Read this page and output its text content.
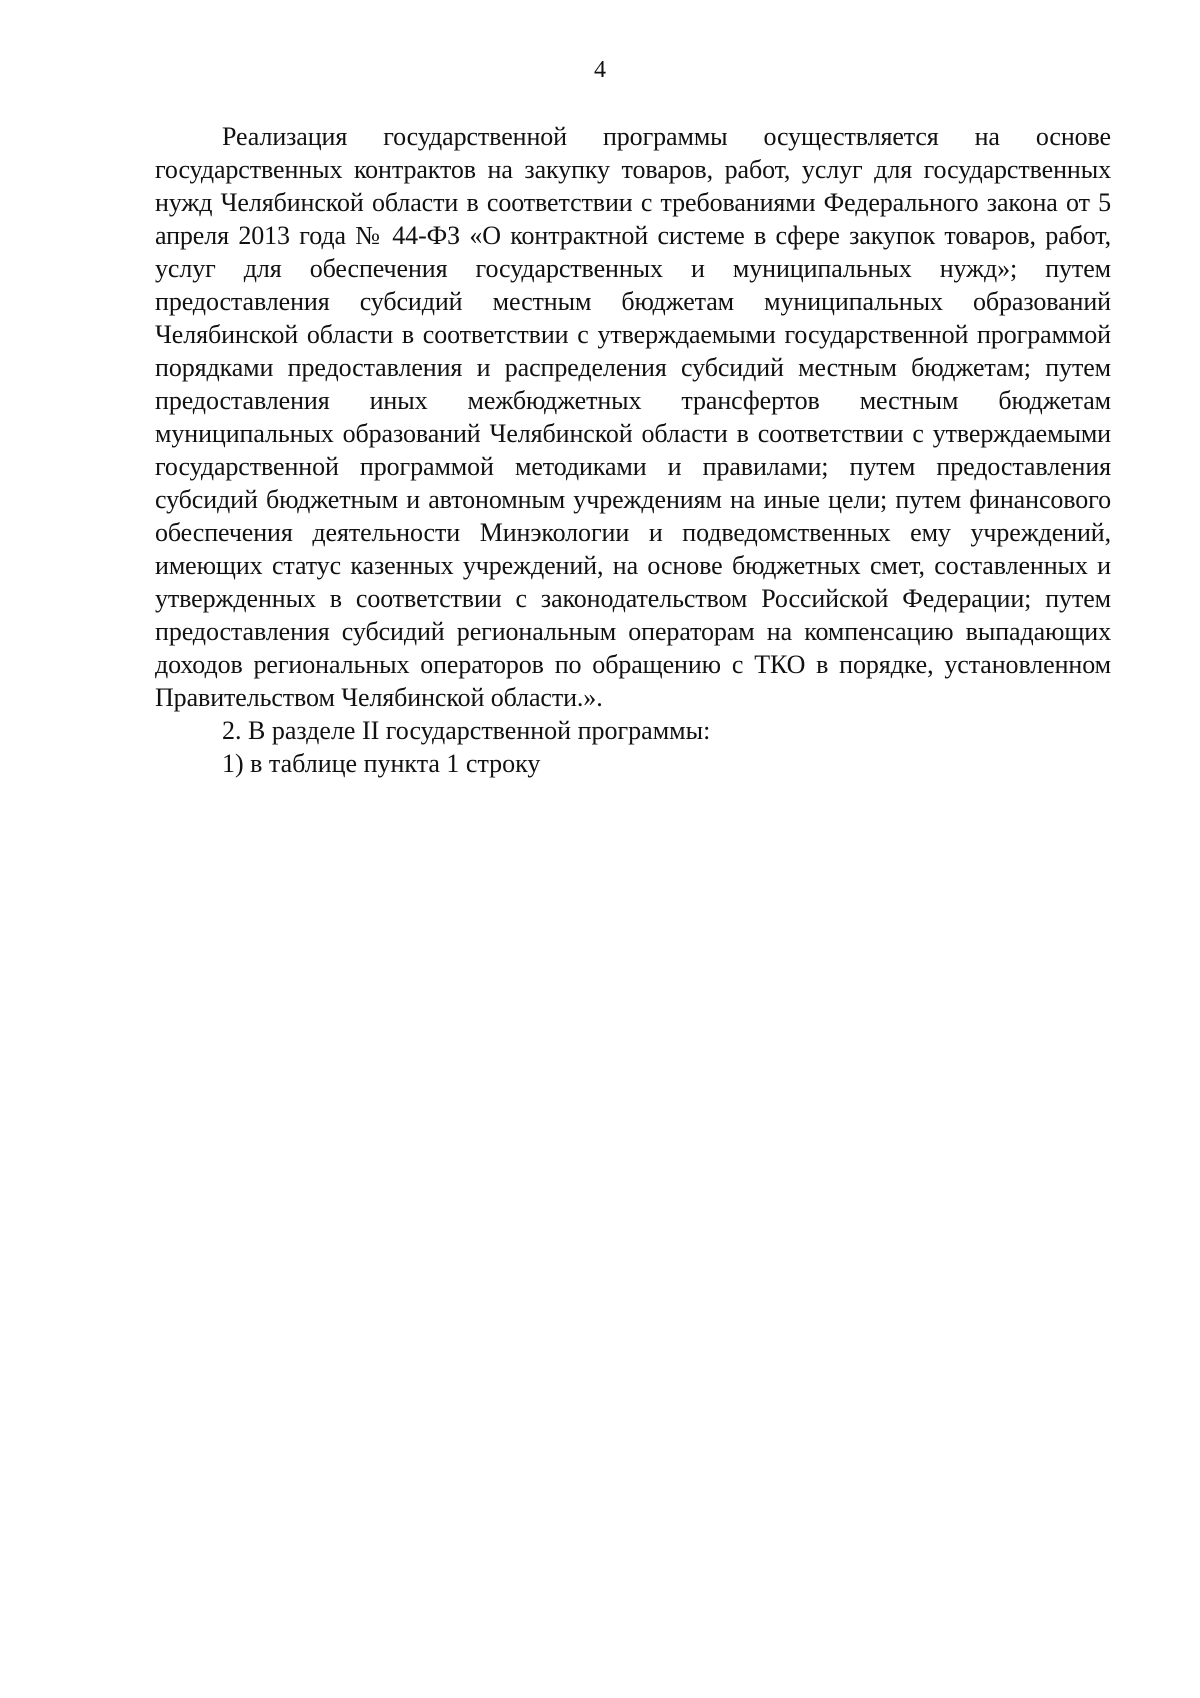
4

Реализация государственной программы осуществляется на основе государственных контрактов на закупку товаров, работ, услуг для государственных нужд Челябинской области в соответствии с требованиями Федерального закона от 5 апреля 2013 года № 44-ФЗ «О контрактной системе в сфере закупок товаров, работ, услуг для обеспечения государственных и муниципальных нужд»; путем предоставления субсидий местным бюджетам муниципальных образований Челябинской области в соответствии с утверждаемыми государственной программой порядками предоставления и распределения субсидий местным бюджетам; путем предоставления иных межбюджетных трансфертов местным бюджетам муниципальных образований Челябинской области в соответствии с утверждаемыми государственной программой методиками и правилами; путем предоставления субсидий бюджетным и автономным учреждениям на иные цели; путем финансового обеспечения деятельности Минэкологии и подведомственных ему учреждений, имеющих статус казенных учреждений, на основе бюджетных смет, составленных и утвержденных в соответствии с законодательством Российской Федерации; путем предоставления субсидий региональным операторам на компенсацию выпадающих доходов региональных операторов по обращению с ТКО в порядке, установленном Правительством Челябинской области.».

2. В разделе II государственной программы:

1) в таблице пункта 1 строку
